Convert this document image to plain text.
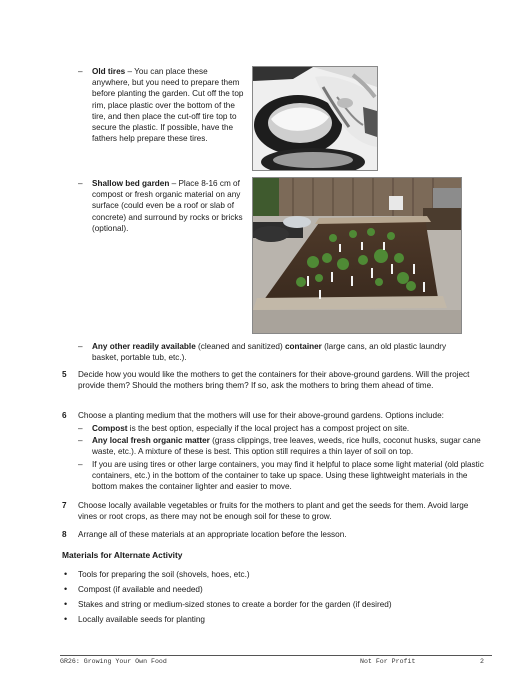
– Old tires – You can place these anywhere, but you need to prepare them before planting the garden. Cut off the top rim, place plastic over the bottom of the tire, and then place the cut-off tire top to secure the plastic. If possible, have the fathers help prepare these tires.
– Shallow bed garden – Place 8-16 cm of compost or fresh organic material on any surface (could even be a roof or slab of concrete) and surround by rocks or bricks (optional).
– Any other readily available (cleaned and sanitized) container (large cans, an old plastic laundry basket, portable tub, etc.).
5 Decide how you would like the mothers to get the containers for their above-ground gardens. Will the project provide them? Should the mothers bring them? If so, ask the mothers to bring them ahead of time.
6 Choose a planting medium that the mothers will use for their above-ground gardens. Options include:
– Compost is the best option, especially if the local project has a compost project on site.
– Any local fresh organic matter (grass clippings, tree leaves, weeds, rice hulls, coconut husks, sugar cane waste, etc.). A mixture of these is best. This option still requires a thin layer of soil on top.
– If you are using tires or other large containers, you may find it helpful to place some light material (old plastic containers, etc.) in the bottom of the container to take up space. Using these lightweight materials in the bottom makes the container lighter and easier to move.
7 Choose locally available vegetables or fruits for the mothers to plant and get the seeds for them. Avoid large vines or root crops, as there may not be enough soil for these to grow.
8 Arrange all of these materials at an appropriate location before the lesson.
Materials for Alternate Activity
• Tools for preparing the soil (shovels, hoes, etc.)
• Compost (if available and needed)
• Stakes and string or medium-sized stones to create a border for the garden (if desired)
• Locally available seeds for planting
GR26: Growing Your Own Food	Not For Profit	2
